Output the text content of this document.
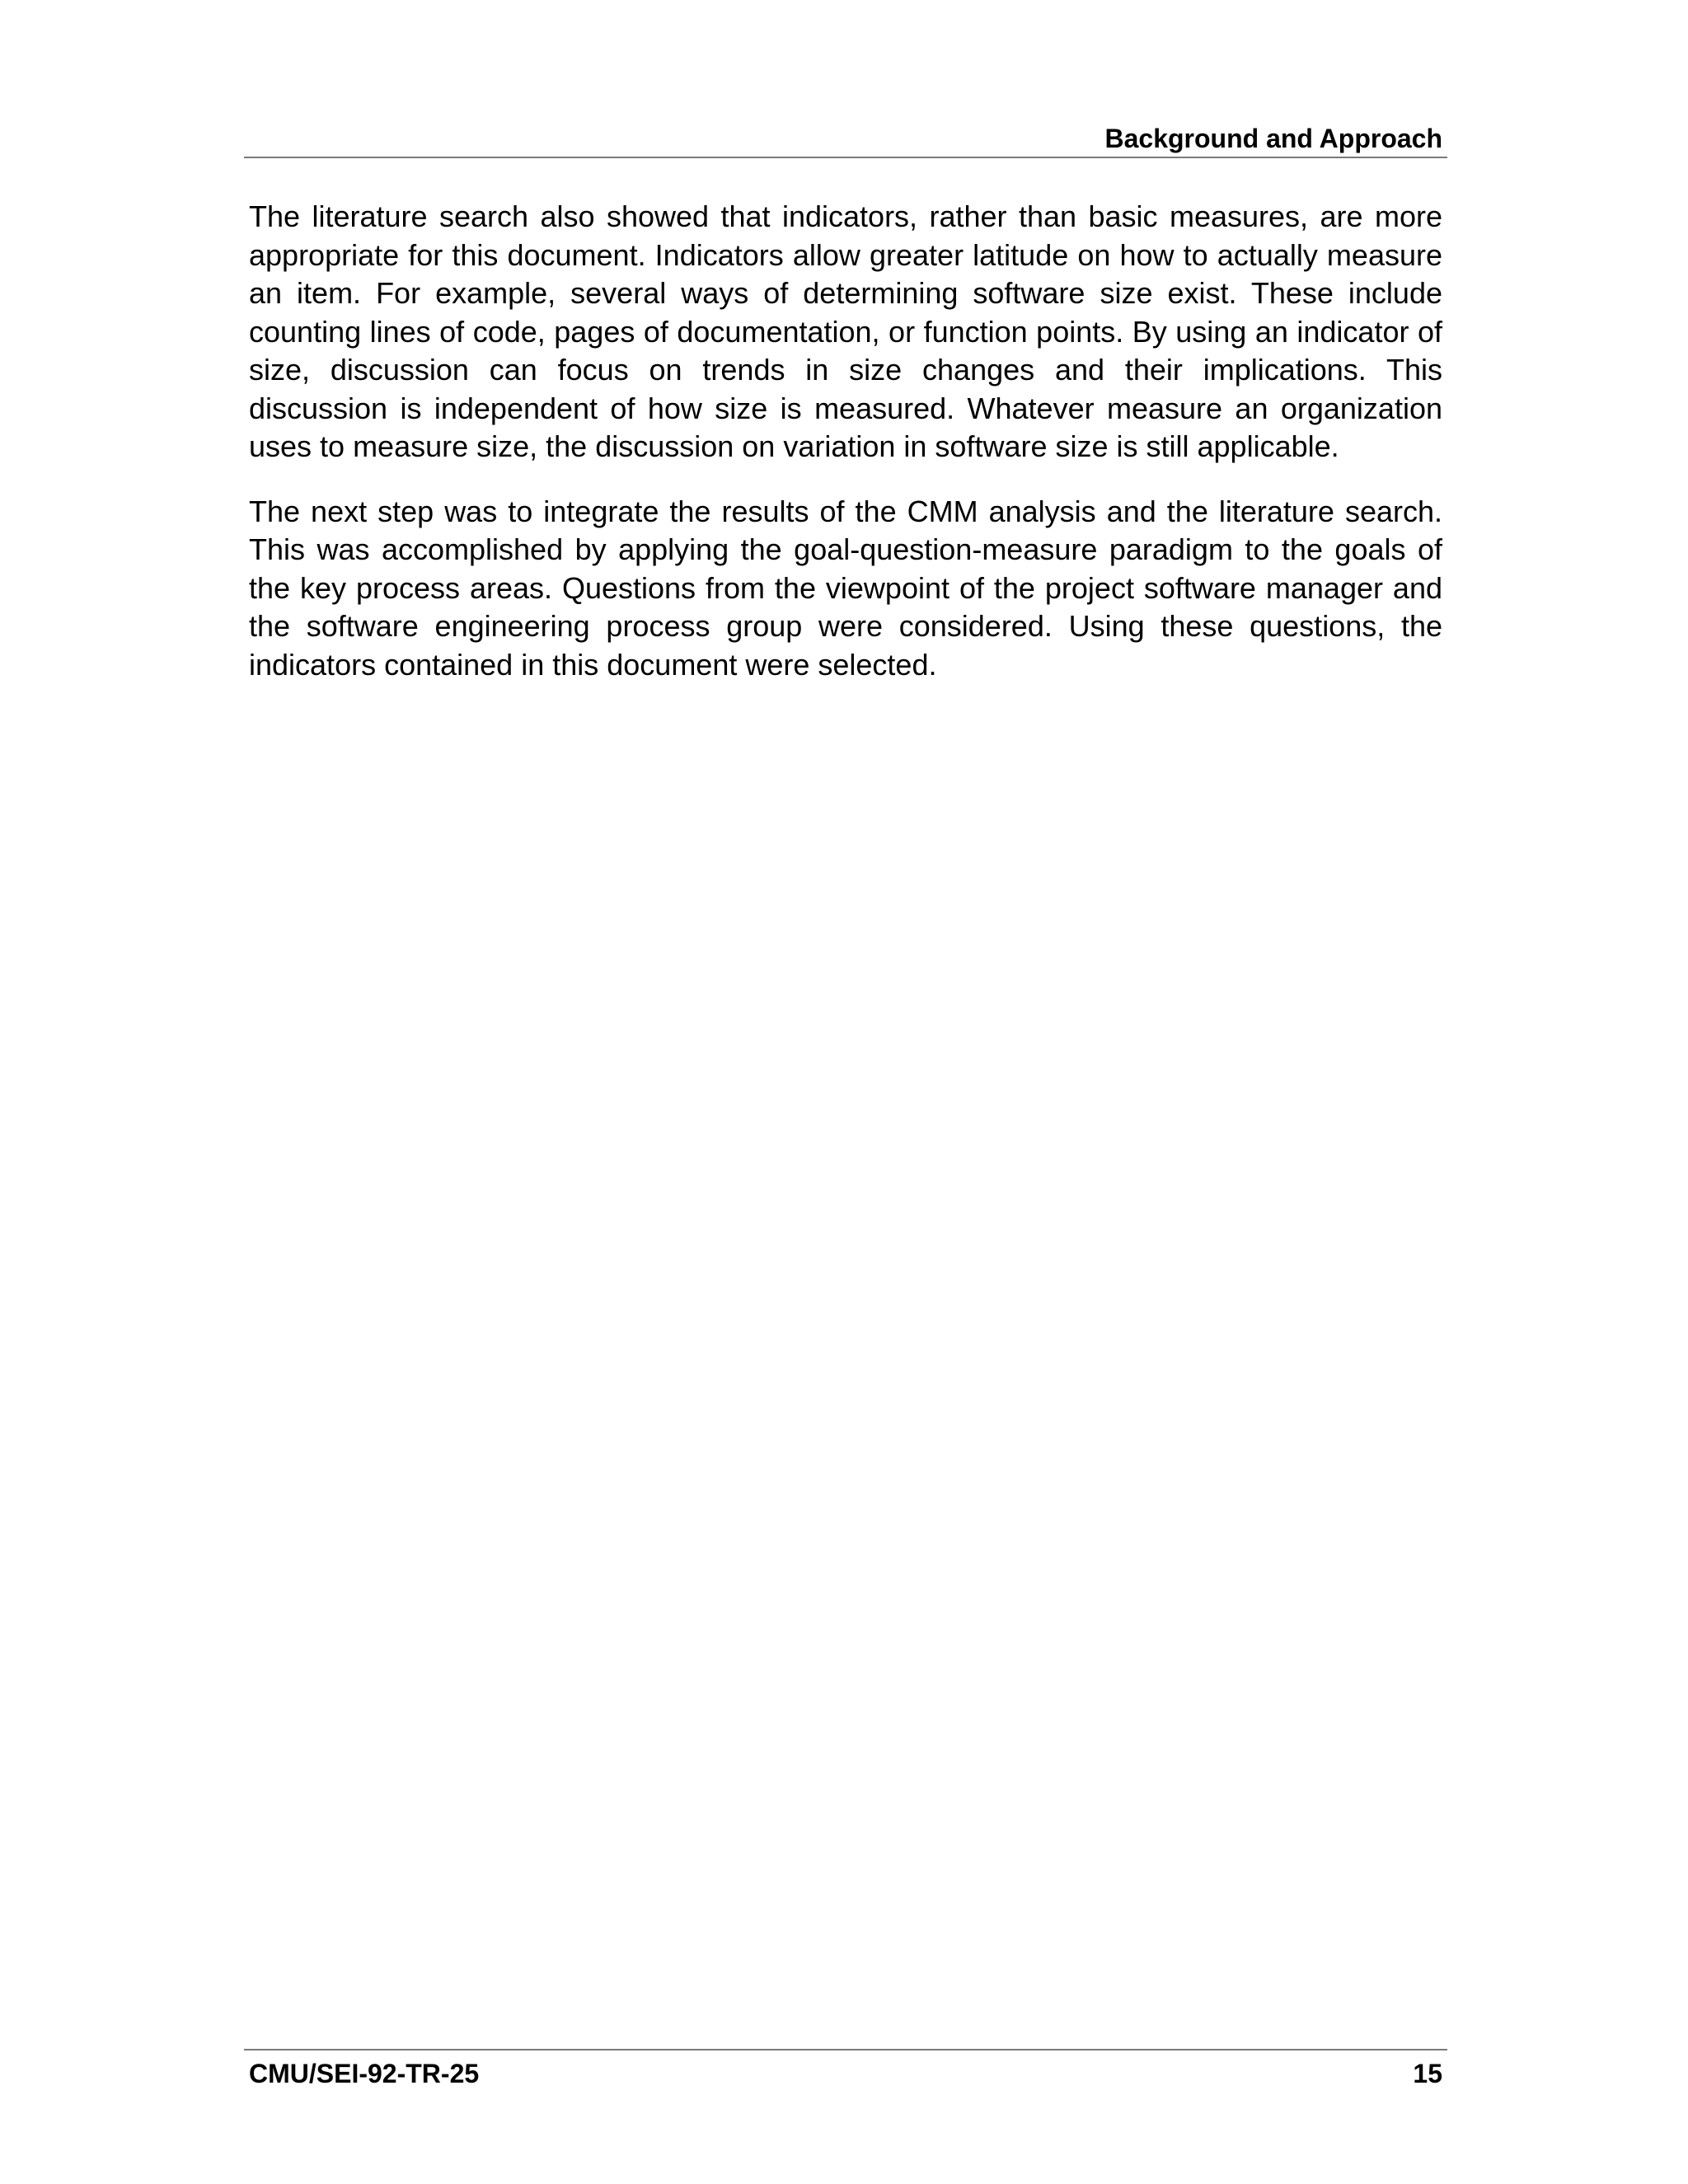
Background and Approach

The literature search also showed that indicators, rather than basic measures, are more appropriate for this document. Indicators allow greater latitude on how to actually measure an item. For example, several ways of determining software size exist. These include counting lines of code, pages of documentation, or function points. By using an indicator of size, discussion can focus on trends in size changes and their implications. This discussion is independent of how size is measured. Whatever measure an organization uses to measure size, the discussion on variation in software size is still applicable.

The next step was to integrate the results of the CMM analysis and the literature search. This was accomplished by applying the goal-question-measure paradigm to the goals of the key process areas. Questions from the viewpoint of the project software manager and the software engineering process group were considered. Using these questions, the indicators contained in this document were selected.

CMU/SEI-92-TR-25	15
